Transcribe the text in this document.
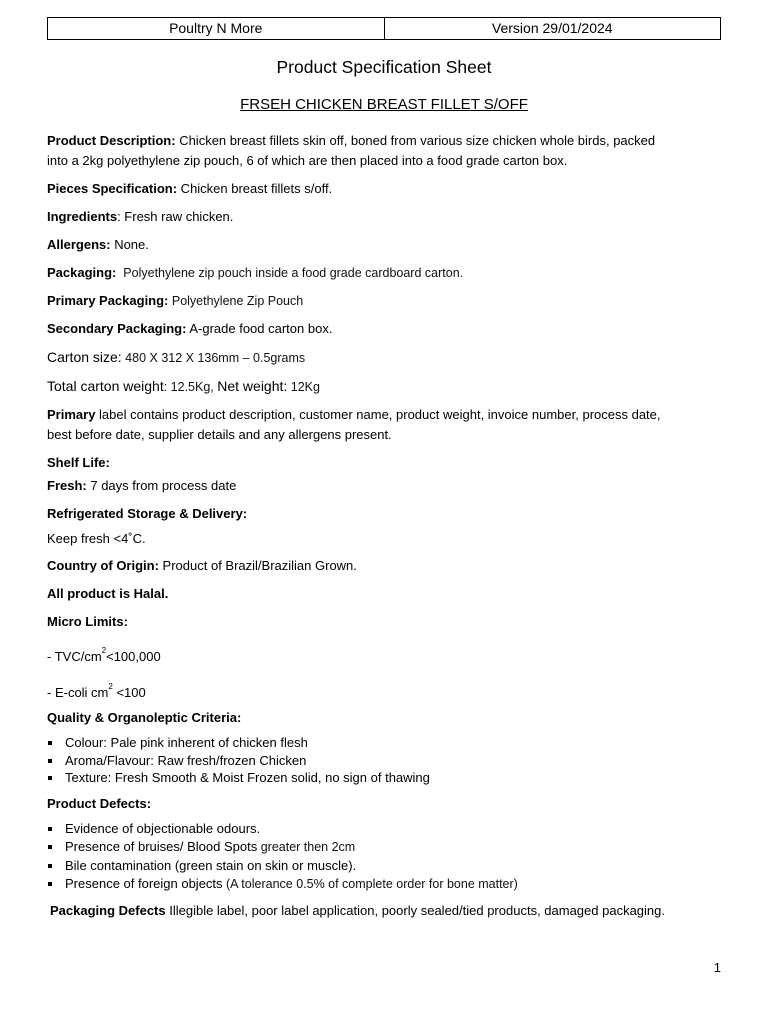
Poultry N More	Version 29/01/2024
Product Specification Sheet
FRSEH CHICKEN BREAST FILLET S/OFF

Product Description: Chicken breast fillets skin off, boned from various size chicken whole birds, packed
into a 2kg polyethylene zip pouch, 6 of which are then placed into a food grade carton box.

Pieces Specification: Chicken breast fillets s/off.

Ingredients: Fresh raw chicken.

Allergens: None.

Packaging:  Polyethylene zip pouch inside a food grade cardboard carton.

Primary Packaging: Polyethylene Zip Pouch

Secondary Packaging: A-grade food carton box.

Carton size: 480 X 312 X 136mm – 0.5grams

Total carton weight: 12.5Kg, Net weight: 12Kg

Primary label contains product description, customer name, product weight, invoice number, process date,
best before date, supplier details and any allergens present.

Shelf Life:

Fresh: 7 days from process date

Refrigerated Storage & Delivery:

Keep fresh <4˚C.

Country of Origin: Product of Brazil/Brazilian Grown.

All product is Halal.

Micro Limits:

- TVC/$cm^2<100,000$

- E-coli $cm^2 <100$

Quality & Organoleptic Criteria:

Colour: Pale pink inherent of chicken flesh
Aroma/Flavour: Raw fresh/frozen Chicken
Texture: Fresh Smooth & Moist Frozen solid, no sign of thawing

Product Defects:

Evidence of objectionable odours.
Presence of bruises/ Blood Spots greater then 2cm
Bile contamination (green stain on skin or muscle).
Presence of foreign objects (A tolerance 0.5% of complete order for bone matter)

Packaging Defects Illegible label, poor label application, poorly sealed/tied products, damaged packaging.

1
